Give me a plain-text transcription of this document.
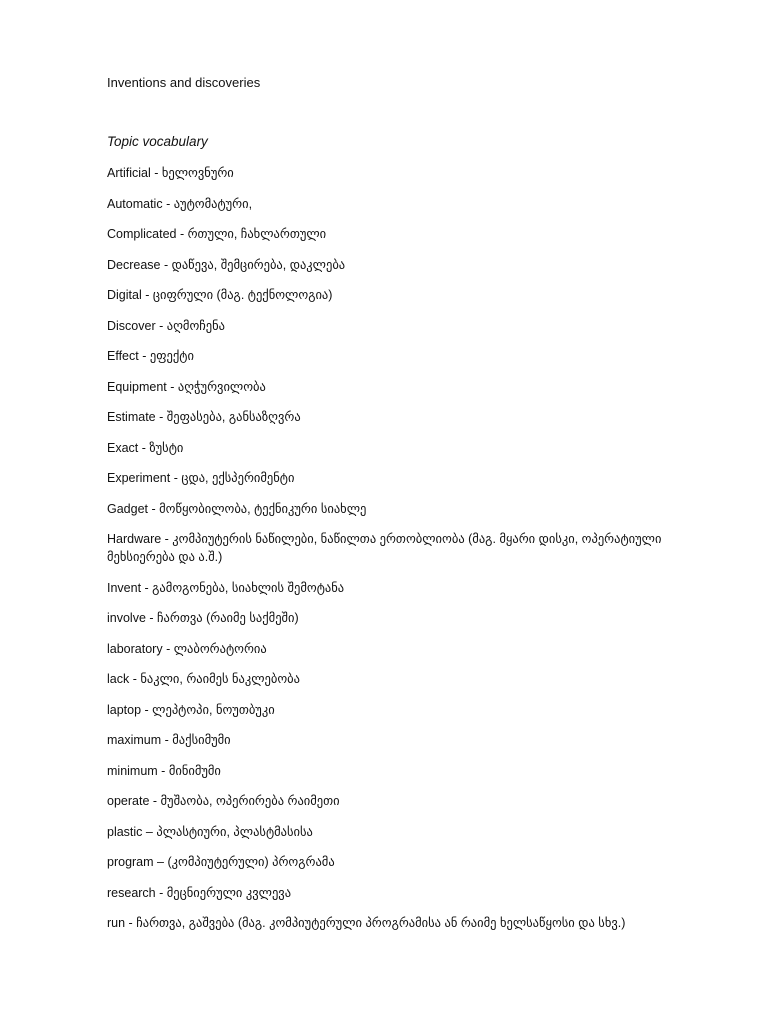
Inventions and discoveries
Topic vocabulary
Artificial - ხელოვნური
Automatic - აუტომატური,
Complicated - რთული, ჩახლართული
Decrease - დაწევა, შემცირება, დაკლება
Digital - ციფრული (მაგ. ტექნოლოგია)
Discover - აღმოჩენა
Effect - ეფექტი
Equipment - აღჭურვილობა
Estimate - შეფასება, განსაზღვრა
Exact - ზუსტი
Experiment - ცდა, ექსპერიმენტი
Gadget - მოწყობილობა, ტექნიკური სიახლე
Hardware - კომპიუტერის ნაწილები, ნაწილთა ერთობლიობა (მაგ. მყარი დისკი, ოპერატიული მეხსიერება და ა.შ.)
Invent - გამოგონება, სიახლის შემოტანა
involve - ჩართვა (რაიმე საქმეში)
laboratory - ლაბორატორია
lack - ნაკლი, რაიმეს ნაკლებობა
laptop - ლეპტოპი, ნოუთბუკი
maximum - მაქსიმუმი
minimum - მინიმუმი
operate - მუშაობა, ოპერირება რაიმეთი
plastic – პლასტიური, პლასტმასისა
program – (კომპიუტერული) პროგრამა
research - მეცნიერული კვლევა
run - ჩართვა, გაშვება (მაგ. კომპიუტერული პროგრამისა ან რაიმე ხელსაწყოსი და სხვ.)
